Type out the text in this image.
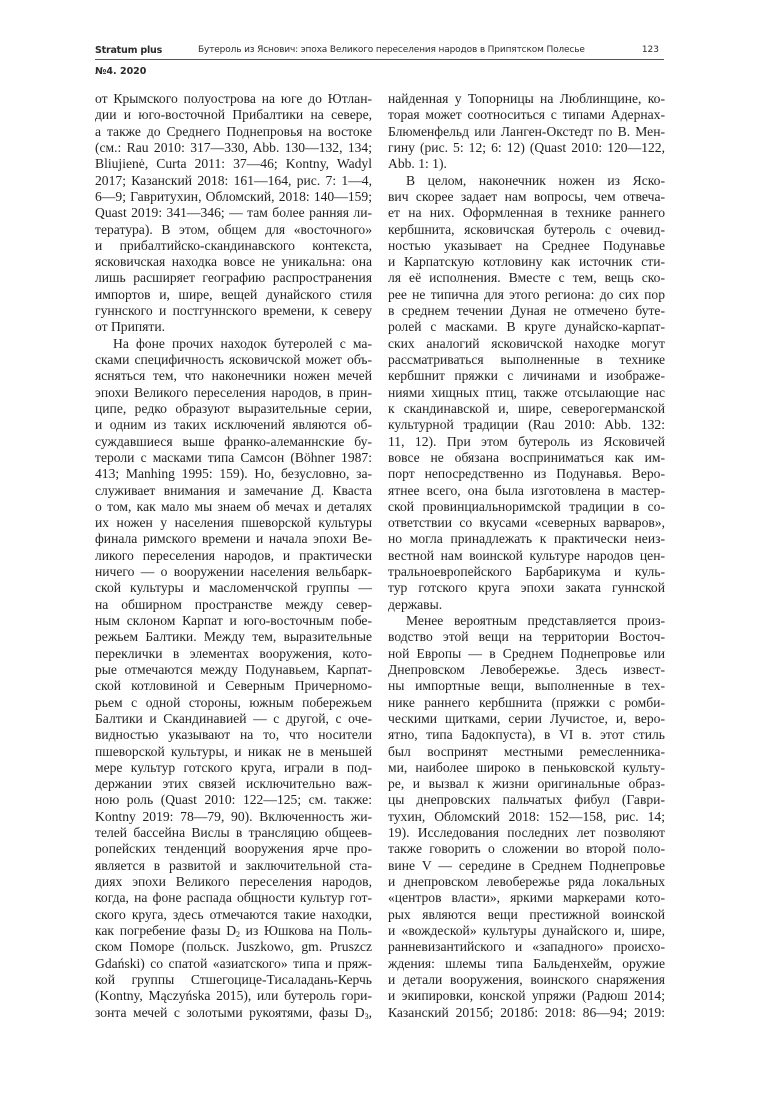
Stratum plus	Бутероль из Яснович: эпоха Великого переселения народов в Припятском Полесье	123
№4. 2020
от Крымского полуострова на юге до Ютлан-
дии и юго-восточной Прибалтики на севере,
а также до Среднего Поднепровья на востоке
(см.: Rau 2010: 317—330, Abb. 130—132, 134;
Bliujienė, Curta 2011: 37—46; Kontny, Wadyl
2017; Казанский 2018: 161—164, рис. 7: 1—4,
6—9; Гавритухин, Обломский, 2018: 140—159;
Quast 2019: 341—346; — там более ранняя ли-
тература). В этом, общем для «восточного»
и прибалтийско-скандинавского контекста,
ясковичская находка вовсе не уникальна: она
лишь расширяет географию распространения
импортов и, шире, вещей дунайского стиля
гуннского и постгуннского времени, к северу
от Припяти.
На фоне прочих находок бутеролей с ма-
сками специфичность ясковичской может объ-
ясняться тем, что наконечники ножен мечей
эпохи Великого переселения народов, в прин-
ципе, редко образуют выразительные серии,
и одним из таких исключений являются об-
суждавшиеся выше франко-алеманнские бу-
тероли с масками типа Самсон (Böhner 1987:
413; Manhing 1995: 159). Но, безусловно, за-
служивает внимания и замечание Д. Кваста
о том, как мало мы знаем об мечах и деталях
их ножен у населения пшеворской культуры
финала римского времени и начала эпохи Ве-
ликого переселения народов, и практически
ничего — о вооружении населения вельбарк-
ской культуры и масломенчской группы —
на обширном пространстве между север-
ным склоном Карпат и юго-восточным побе-
режьем Балтики. Между тем, выразительные
переклички в элементах вооружения, кото-
рые отмечаются между Подунавьем, Карпат-
ской котловиной и Северным Причерномо-
рьем с одной стороны, южным побережьем
Балтики и Скандинавией — с другой, с оче-
видностью указывают на то, что носители
пшеворской культуры, и никак не в меньшей
мере культур готского круга, играли в под-
держании этих связей исключительно важ-
ною роль (Quast 2010: 122—125; см. также:
Kontny 2019: 78—79, 90). Включенность жи-
телей бассейна Вислы в трансляцию общеев-
ропейских тенденций вооружения ярче про-
является в развитой и заключительной ста-
диях эпохи Великого переселения народов,
когда, на фоне распада общности культур гот-
ского круга, здесь отмечаются такие находки,
как погребение фазы $D_2$ из Юшкова на Поль-
ском Поморе (польск. Juszkowo, gm. Pruszcz
Gdański) со спатой «азиатского» типа и пряж-
кой группы Стшегоцице-Тисаладань-Керчь
(Kontny, Mączyńska 2015), или бутероль гори-
зонта мечей с золотыми рукоятями, фазы $D_3$,
найденная у Топорницы на Люблинщине, ко-
торая может соотноситься с типами Адернах-
Блюменфельд или Ланген-Окстедт по В. Мен-
гину (рис. 5: 12; 6: 12) (Quast 2010: 120—122,
Abb. 1: 1).
В целом, наконечник ножен из Яско-
вич скорее задает нам вопросы, чем отвеча-
ет на них. Оформленная в технике раннего
кербшнита, ясковичская бутероль с очевид-
ностью указывает на Среднее Подунавье
и Карпатскую котловину как источник сти-
ля её исполнения. Вместе с тем, вещь ско-
рее не типична для этого региона: до сих пор
в среднем течении Дуная не отмечено буте-
ролей с масками. В круге дунайско-карпат-
ских аналогий ясковичской находке могут
рассматриваться выполненные в технике
кербшнит пряжки с личинами и изображе-
ниями хищных птиц, также отсылающие нас
к скандинавской и, шире, северогерманской
культурной традиции (Rau 2010: Abb. 132:
11, 12). При этом бутероль из Ясковичей
вовсе не обязана восприниматься как им-
порт непосредственно из Подунавья. Веро-
ятнее всего, она была изготовлена в мастер-
ской провинциальноримской традиции в со-
ответствии со вкусами «северных варваров»,
но могла принадлежать к практически неиз-
вестной нам воинской культуре народов цен-
тральноевропейского Барбарикума и куль-
тур готского круга эпохи заката гуннской
державы.
Менее вероятным представляется произ-
водство этой вещи на территории Восточ-
ной Европы — в Среднем Поднепровье или
Днепровском Левобережье. Здесь извест-
ны импортные вещи, выполненные в тех-
нике раннего кербшнита (пряжки с ромби-
ческими щитками, серии Лучистое, и, веро-
ятно, типа Бадокпуста), в VI в. этот стиль
был воспринят местными ремесленника-
ми, наиболее широко в пеньковской культу-
ре, и вызвал к жизни оригинальные образ-
цы днепровских пальчатых фибул (Гаври-
тухин, Обломский 2018: 152—158, рис. 14;
19). Исследования последних лет позволяют
также говорить о сложении во второй поло-
вине V — середине в Среднем Поднепровье
и днепровском левобережье ряда локальных
«центров власти», яркими маркерами кото-
рых являются вещи престижной воинской
и «вождеской» культуры дунайского и, шире,
ранневизантийского и «западного» происхо-
ждения: шлемы типа Бальденхейм, оружие
и детали вооружения, воинского снаряжения
и экипировки, конской упряжи (Радюш 2014;
Казанский 2015б; 2018б: 2018: 86—94; 2019:
